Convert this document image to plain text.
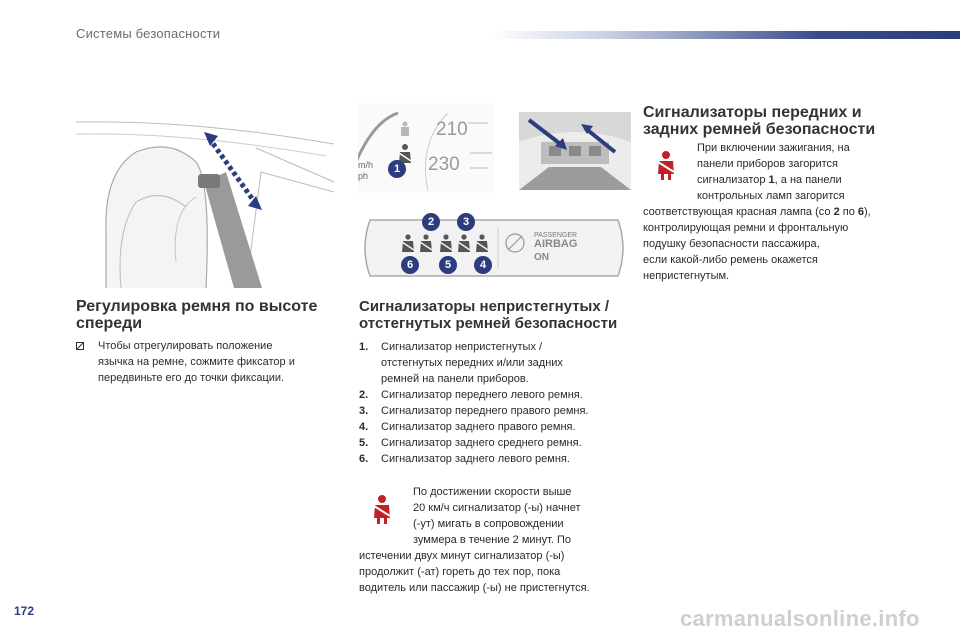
Системы безопасности
210
230
m/h
ph
1
PASSENGER
AIRBAG
ON
2	3
6	5	4
Регулировка ремня по высоте
спереди
Чтобы отрегулировать положение
язычка на ремне, сожмите фиксатор и
передвиньте его до точки фиксации.
Сигнализаторы непристегнутых /
отстегнутых ремней безопасности
1.	Сигнализатор непристегнутых /
отстегнутых передних и/или задних
ремней на панели приборов.
2.	Сигнализатор переднего левого ремня.
3.	Сигнализатор переднего правого ремня.
4.	Сигнализатор заднего правого ремня.
5.	Сигнализатор заднего среднего ремня.
6.	Сигнализатор заднего левого ремня.
По достижении скорости выше
20 км/ч сигнализатор (-ы) начнет
(-ут) мигать в сопровождении
зуммера в течение 2 минут. По
истечении двух минут сигнализатор (-ы)
продолжит (-ат) гореть до тех пор, пока
водитель или пассажир (-ы) не пристегнутся.
Сигнализаторы передних и
задних ремней безопасности
При включении зажигания, на
панели приборов загорится
сигнализатор 1, а на панели
контрольных ламп загорится
соответствующая красная лампа (со 2 по 6),
контролирующая ремни и фронтальную
подушку безопасности пассажира,
если какой-либо ремень окажется
непристегнутым.
172	carmanualsonline.info
